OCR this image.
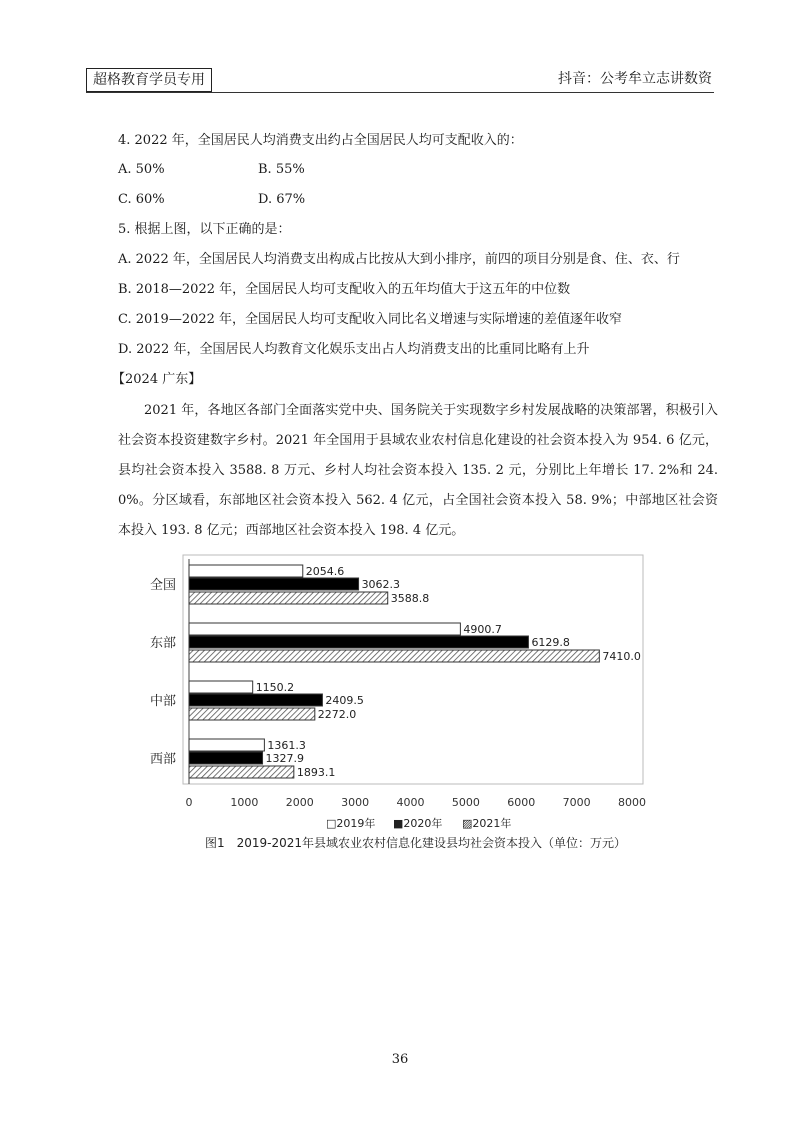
超格教育学员专用	抖音：公考牟立志讲数资
4. 2022 年，全国居民人均消费支出约占全国居民人均可支配收入的：
A. 50%	B. 55%
C. 60%	D. 67%
5. 根据上图，以下正确的是：
A. 2022 年，全国居民人均消费支出构成占比按从大到小排序，前四的项目分别是食、住、衣、行
B. 2018—2022 年，全国居民人均可支配收入的五年均值大于这五年的中位数
C. 2019—2022 年，全国居民人均可支配收入同比名义增速与实际增速的差值逐年收窄
D. 2022 年，全国居民人均教育文化娱乐支出占人均消费支出的比重同比略有上升
【2024 广东】
2021 年，各地区各部门全面落实党中央、国务院关于实现数字乡村发展战略的决策部署，积极引入社会资本投资建数字乡村。2021 年全国用于县域农业农村信息化建设的社会资本投入为 954. 6 亿元，县均社会资本投入 3588. 8 万元、乡村人均社会资本投入 135. 2 元，分别比上年增长 17. 2%和 24. 0%。分区域看，东部地区社会资本投入 562. 4 亿元，占全国社会资本投入 58. 9%；中部地区社会资本投入 193. 8 亿元；西部地区社会资本投入 198. 4 亿元。
2054.6
3062.3
3588.8
4900.7
6129.8
7410.0
1150.2
2409.5
2272.0
1361.3
1327.9
1893.1
全国
东部
中部
西部
0	1000 2000 3000 4000 5000 6000 7000 8000
□2019年 ■2020年 ▨2021年
图1　2019-2021年县域农业农村信息化建设县均社会资本投入（单位：万元）
36
